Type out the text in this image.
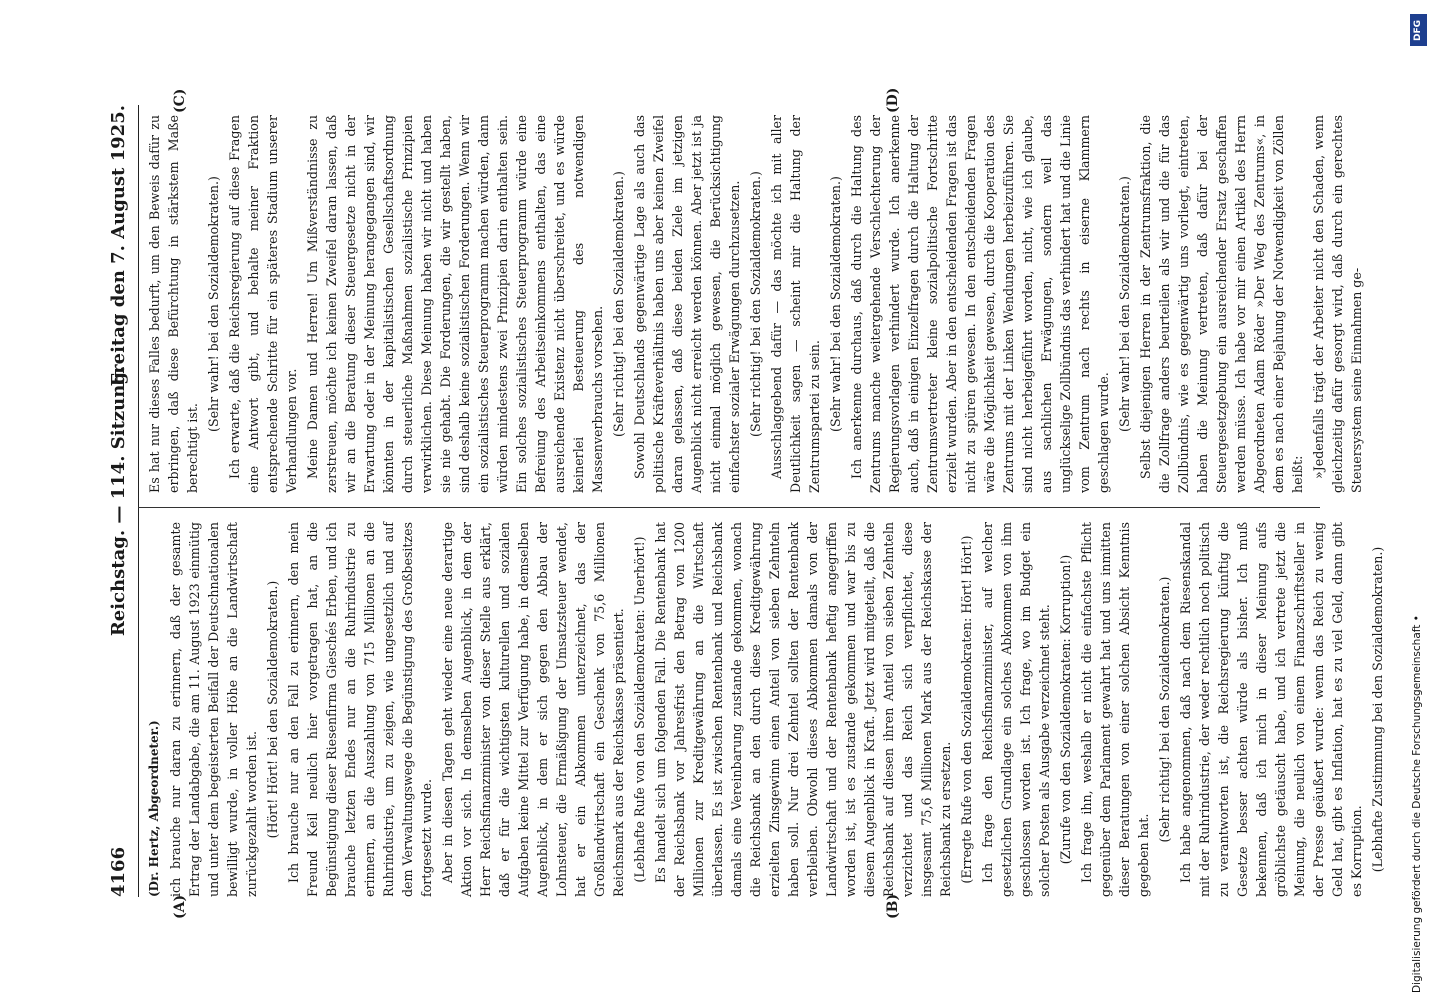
4166
Reichstag. — 114. Sitzung.
Freitag den 7. August 1925.
(A)	(B)
(C)	(D)

(Dr. Hertz, Abgeordneter.) ich brauche nur daran zu erinnern, daß der gesamte Ertrag der Landabgabe, die am 11. August 1923 einmütig und unter dem begeisterten Beifall der Deutschnationalen bewilligt wurde, in voller Höhe an die Landwirtschaft zurückgezahlt worden ist. (Hört! Hört! bei den Sozialdemokraten.) Ich brauche nur an den Fall zu erinnern, den mein Freund Keil neulich hier vorgetragen hat, an die Begünstigung dieser Riesenfirma Gieschés Erben, und ich brauche letzten Endes nur an die Ruhrindustrie zu erinnern, an die Auszahlung von 715 Millionen an die Ruhrindustrie, um zu zeigen, wie ungesetzlich und auf dem Verwaltungswege die Begünstigung des Großbesitzes fortgesetzt wurde. Aber in diesen Tagen geht wieder eine neue derartige Aktion vor sich. In demselben Augenblick, in dem der Herr Reichsfinanzminister von dieser Stelle aus erklärt, daß er für die wichtigsten kulturellen und sozialen Aufgaben keine Mittel zur Verfügung habe, in demselben Augenblick, in dem er sich gegen den Abbau der Lohnsteuer, die Ermäßigung der Umsatzsteuer wendet, hat er ein Abkommen unterzeichnet, das der Großlandwirtschaft ein Geschenk von 75,6 Millionen Reichsmark aus der Reichskasse präsentiert. (Lebhafte Rufe von den Sozialdemokraten: Unerhört!) Es handelt sich um folgenden Fall. Die Rentenbank hat der Reichsbank vor Jahresfrist den Betrag von 1200 Millionen zur Kreditgewährung an die Wirtschaft überlassen. Es ist zwischen Rentenbank und Reichsbank damals eine Vereinbarung zustande gekommen, wonach die Reichsbank an den durch diese Kreditgewährung erzielten Zinsgewinn einen Anteil von sieben Zehnteln haben soll. Nur drei Zehntel sollten der Rentenbank verbleiben. Obwohl dieses Abkommen damals von der Landwirtschaft und der Rentenbank heftig angegriffen worden ist, ist es zustande gekommen und war bis zu diesem Augenblick in Kraft. Jetzt wird mitgeteilt, daß die Reichsbank auf diesen ihren Anteil von sieben Zehnteln verzichtet und das Reich sich verpflichtet, diese insgesamt 75,6 Millionen Mark aus der Reichskasse der Reichsbank zu ersetzen. (Erregte Rufe von den Sozialdemokraten: Hört! Hört!) Ich frage den Reichsfinanzminister, auf welcher gesetzlichen Grundlage ein solches Abkommen von ihm geschlossen worden ist. Ich frage, wo im Budget ein solcher Posten als Ausgabe verzeichnet steht. (Zurufe von den Sozialdemokraten: Korruption!) Ich frage ihn, weshalb er nicht die einfachste Pflicht gegenüber dem Parlament gewahrt hat und uns inmitten dieser Beratungen von einer solchen Absicht Kenntnis gegeben hat.

(Sehr richtig! bei den Sozialdemokraten.) Ich habe angenommen, daß nach dem Riesenskandal mit der Ruhrindustrie, der weder rechtlich noch politisch zu verantworten ist, die Reichsregierung künftig die Gesetze besser achten würde als bisher. Ich muß bekennen, daß ich mich in dieser Meinung aufs gröblichste getäuscht habe, und ich vertrete jetzt die Meinung, die neulich von einem Finanzschriftsteller in der Presse geäußert wurde: wenn das Reich zu wenig Geld hat, gibt es Inflation, hat es zu viel Geld, dann gibt es Korruption. (Lebhafte Zustimmung bei den Sozialdemokraten.)

Es hat nur dieses Falles bedurft, um den Beweis dafür zu erbringen, daß diese Befürchtung in stärkstem Maße berechtigt ist.

(Sehr wahr! bei den Sozialdemokraten.) Ich erwarte, daß die Reichsregierung auf diese Fragen eine Antwort gibt, und behalte meiner Fraktion entsprechende Schritte für ein späteres Stadium unserer Verhandlungen vor. Meine Damen und Herren! Um Mißverständnisse zu zerstreuen, möchte ich keinen Zweifel daran lassen, daß wir an die Beratung dieser Steuergesetze nicht in der Erwartung oder in der Meinung herangegangen sind, wir könnten in der kapitalistischen Gesellschaftsordnung durch steuerliche Maßnahmen sozialistische Prinzipien verwirklichen. Diese Meinung haben wir nicht und haben sie nie gehabt. Die Forderungen, die wir gestellt haben, sind deshalb keine sozialistischen Forderungen. Wenn wir ein sozialistisches Steuerprogramm machen würden, dann würden mindestens zwei Prinzipien darin enthalten sein. Ein solches sozialistisches Steuerprogramm würde eine Befreiung des Arbeitseinkommens enthalten, das eine ausreichende Existenz nicht überschreitet, und es würde keinerlei Besteuerung des notwendigen Massenverbrauchs vorsehen. (Sehr richtig! bei den Sozialdemokraten.) Sowohl Deutschlands gegenwärtige Lage als auch das politische Kräfteverhältnis haben uns aber keinen Zweifel daran gelassen, daß diese beiden Ziele im jetzigen Augenblick nicht erreicht werden können. Aber jetzt ist ja nicht einmal möglich gewesen, die Berücksichtigung einfachster sozialer Erwägungen durchzusetzen. (Sehr richtig! bei den Sozialdemokraten.) Ausschlaggebend dafür — das möchte ich mit aller Deutlichkeit sagen — scheint mir die Haltung der Zentrumspartei zu sein. (Sehr wahr! bei den Sozialdemokraten.) Ich anerkenne durchaus, daß durch die Haltung des Zentrums manche weitergehende Verschlechterung der Regierungsvorlagen verhindert wurde. Ich anerkenne auch, daß in einigen Einzelfragen durch die Haltung der Zentrumsvertreter kleine sozialpolitische Fortschritte erzielt wurden. Aber in den entscheidenden Fragen ist das nicht zu spüren gewesen. In den entscheidenden Fragen wäre die Möglichkeit gewesen, durch die Kooperation des Zentrums mit der Linken Wendungen herbeizuführen. Sie sind nicht herbeigeführt worden, nicht, wie ich glaube, aus sachlichen Erwägungen, sondern weil das unglückselige Zollbündnis das verhindert hat und die Linie vom Zentrum nach rechts in eiserne Klammern geschlagen wurde.

(Sehr wahr! bei den Sozialdemokraten.) Selbst diejenigen Herren in der Zentrumsfraktion, die die Zollfrage anders beurteilen als wir und die für das Zollbündnis, wie es gegenwärtig uns vorliegt, eintreten, haben die Meinung vertreten, daß dafür bei der Steuergesetzgebung ein ausreichender Ersatz geschaffen werden müsse. Ich habe vor mir einen Artikel des Herrn Abgeordneten Adam Röder »Der Weg des Zentrums«, in dem es nach einer Bejahung der Notwendigkeit von Zöllen heißt: »Jedenfalls trägt der Arbeiter nicht den Schaden, wenn gleichzeitig dafür gesorgt wird, daß durch ein gerechtes Steuersystem seine Einnahmen ge-

Digitalisierung gefördert durch die Deutsche Forschungsgemeinschaft •
DFG
